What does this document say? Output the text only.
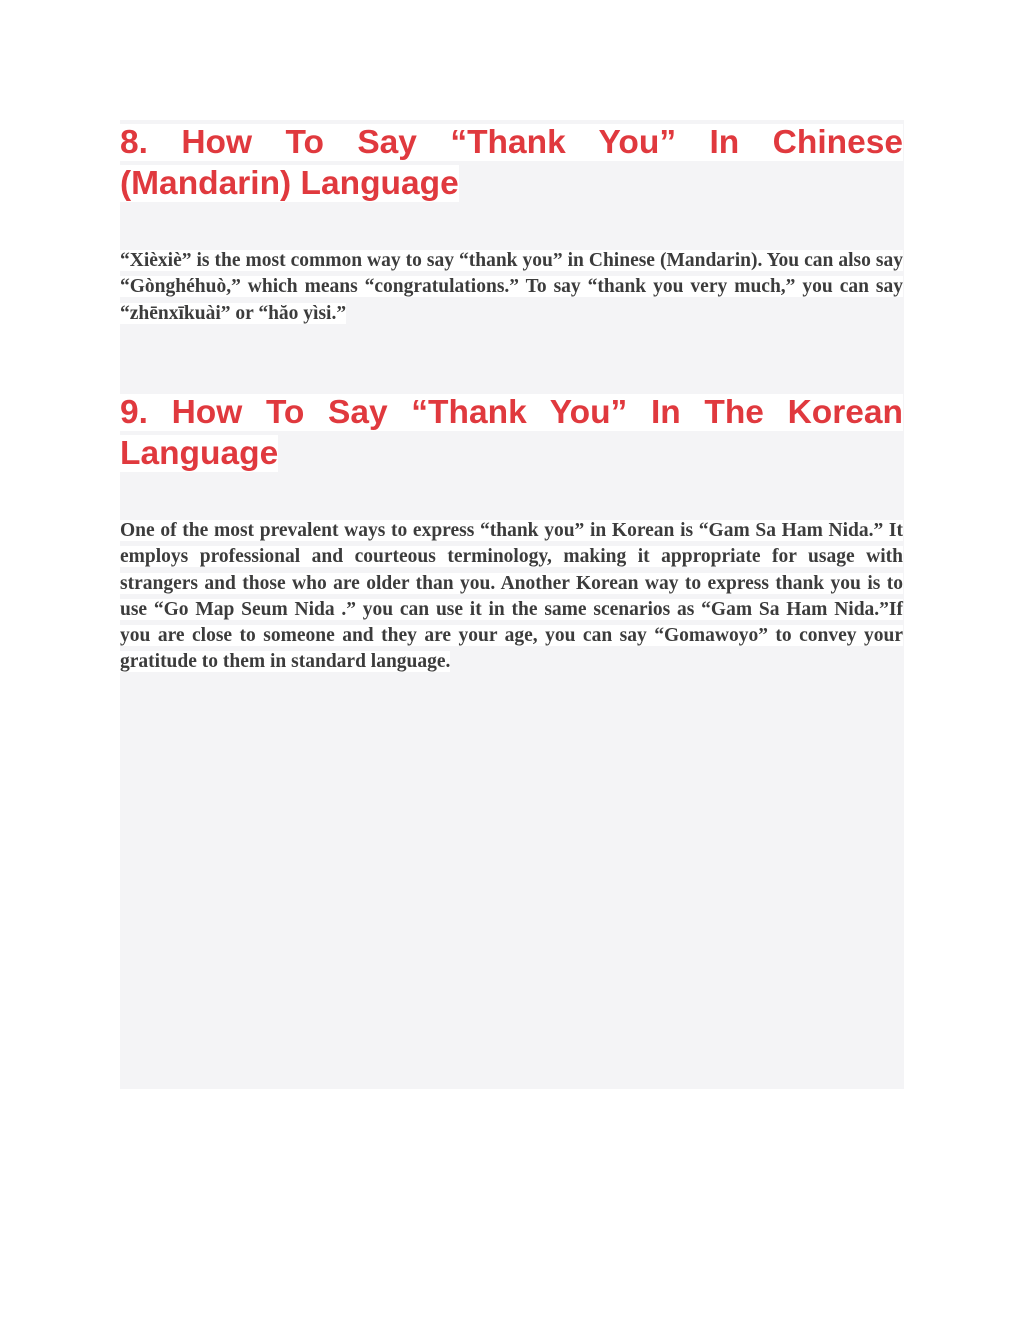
8. How To Say “Thank You” In Chinese (Mandarin) Language

“Xièxiè” is the most common way to say “thank you” in Chinese (Mandarin). You can also say “Gònghéhuò,” which means “congratulations.” To say “thank you very much,” you can say “zhēnxīkuài” or “hăo yìsi.”

9. How To Say “Thank You” In The Korean Language

One of the most prevalent ways to express “thank you” in Korean is “Gam Sa Ham Nida.” It employs professional and courteous terminology, making it appropriate for usage with strangers and those who are older than you. Another Korean way to express thank you is to use “Go Map Seum Nida .” you can use it in the same scenarios as “Gam Sa Ham Nida.”If you are close to someone and they are your age, you can say “Gomawoyo” to convey your gratitude to them in standard language.
